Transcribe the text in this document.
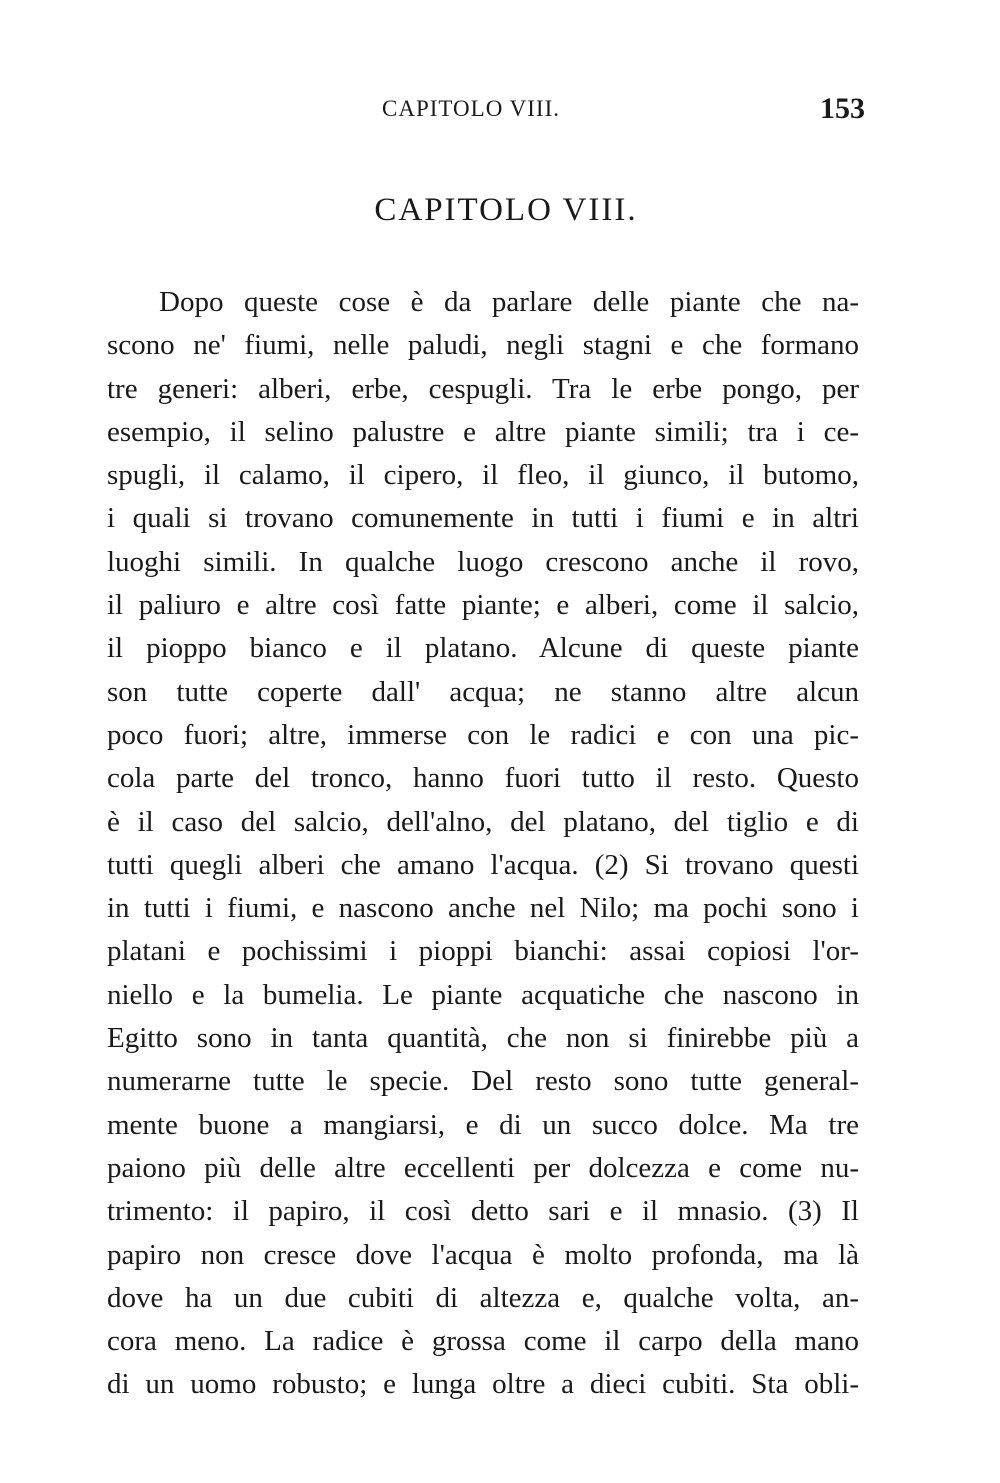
CAPITOLO VIII.	153
CAPITOLO VIII.
Dopo queste cose è da parlare delle piante che na-
scono ne' fiumi, nelle paludi, negli stagni e che formano
tre generi: alberi, erbe, cespugli. Tra le erbe pongo, per
esempio, il selino palustre e altre piante simili; tra i ce-
spugli, il calamo, il cipero, il fleo, il giunco, il butomo,
i quali si trovano comunemente in tutti i fiumi e in altri
luoghi simili. In qualche luogo crescono anche il rovo,
il paliuro e altre così fatte piante; e alberi, come il salcio,
il pioppo bianco e il platano. Alcune di queste piante
son tutte coperte dall' acqua; ne stanno altre alcun
poco fuori; altre, immerse con le radici e con una pic-
cola parte del tronco, hanno fuori tutto il resto. Questo
è il caso del salcio, dell'alno, del platano, del tiglio e di
tutti quegli alberi che amano l'acqua. (2) Si trovano questi
in tutti i fiumi, e nascono anche nel Nilo; ma pochi sono i
platani e pochissimi i pioppi bianchi: assai copiosi l'or-
niello e la bumelia. Le piante acquatiche che nascono in
Egitto sono in tanta quantità, che non si finirebbe più a
numerarne tutte le specie. Del resto sono tutte general-
mente buone a mangiarsi, e di un succo dolce. Ma tre
paiono più delle altre eccellenti per dolcezza e come nu-
trimento: il papiro, il così detto sari e il mnasio. (3) Il
papiro non cresce dove l'acqua è molto profonda, ma là
dove ha un due cubiti di altezza e, qualche volta, an-
cora meno. La radice è grossa come il carpo della mano
di un uomo robusto; e lunga oltre a dieci cubiti. Sta obli-
